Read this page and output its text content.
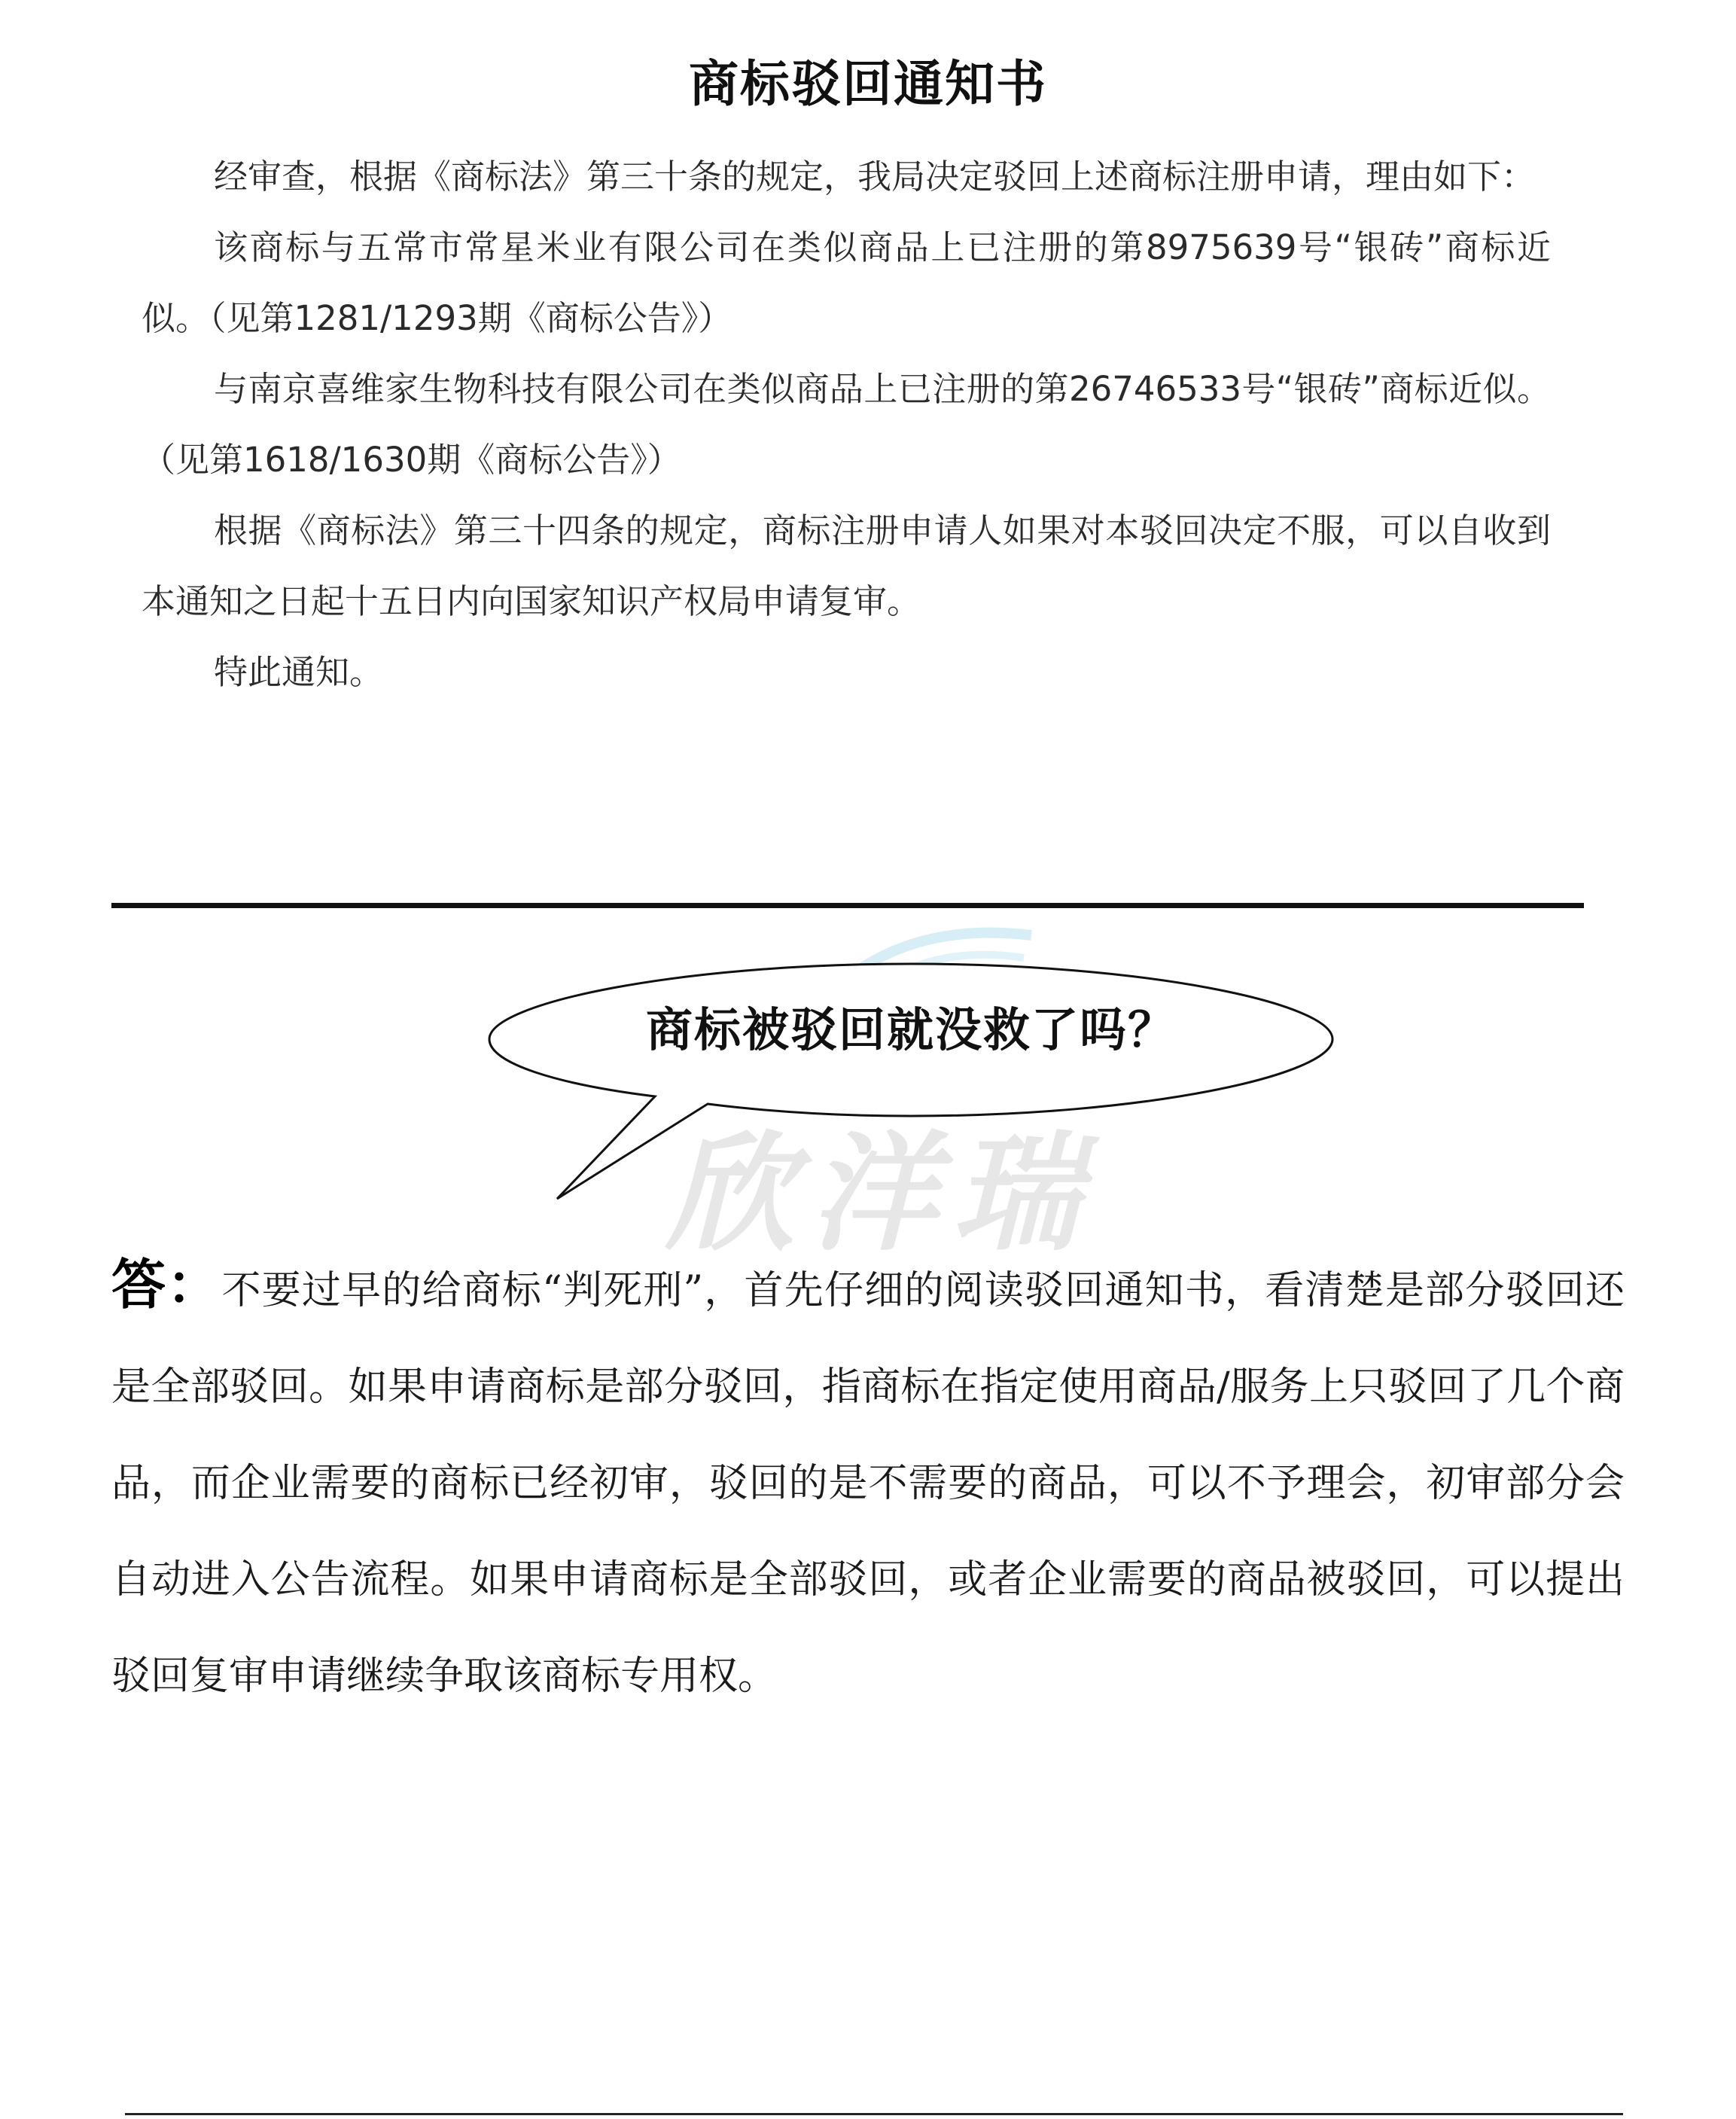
商标驳回通知书

经审查，根据《商标法》第三十条的规定，我局决定驳回上述商标注册申请，理由如下：

该商标与五常市常星米业有限公司在类似商品上已注册的第8975639号“银砖”商标近似。（见第1281/1293期《商标公告》）

与南京喜维家生物科技有限公司在类似商品上已注册的第26746533号“银砖”商标近似。（见第1618/1630期《商标公告》）

根据《商标法》第三十四条的规定，商标注册申请人如果对本驳回决定不服，可以自收到本通知之日起十五日内向国家知识产权局申请复审。

特此通知。

欣洋瑞
商标被驳回就没救了吗？
答：不要过早的给商标“判死刑”，首先仔细的阅读驳回通知书，看清楚是部分驳回还是全部驳回。如果申请商标是部分驳回，指商标在指定使用商品/服务上只驳回了几个商品，而企业需要的商标已经初审，驳回的是不需要的商品，可以不予理会，初审部分会自动进入公告流程。如果申请商标是全部驳回，或者企业需要的商品被驳回，可以提出驳回复审申请继续争取该商标专用权。
